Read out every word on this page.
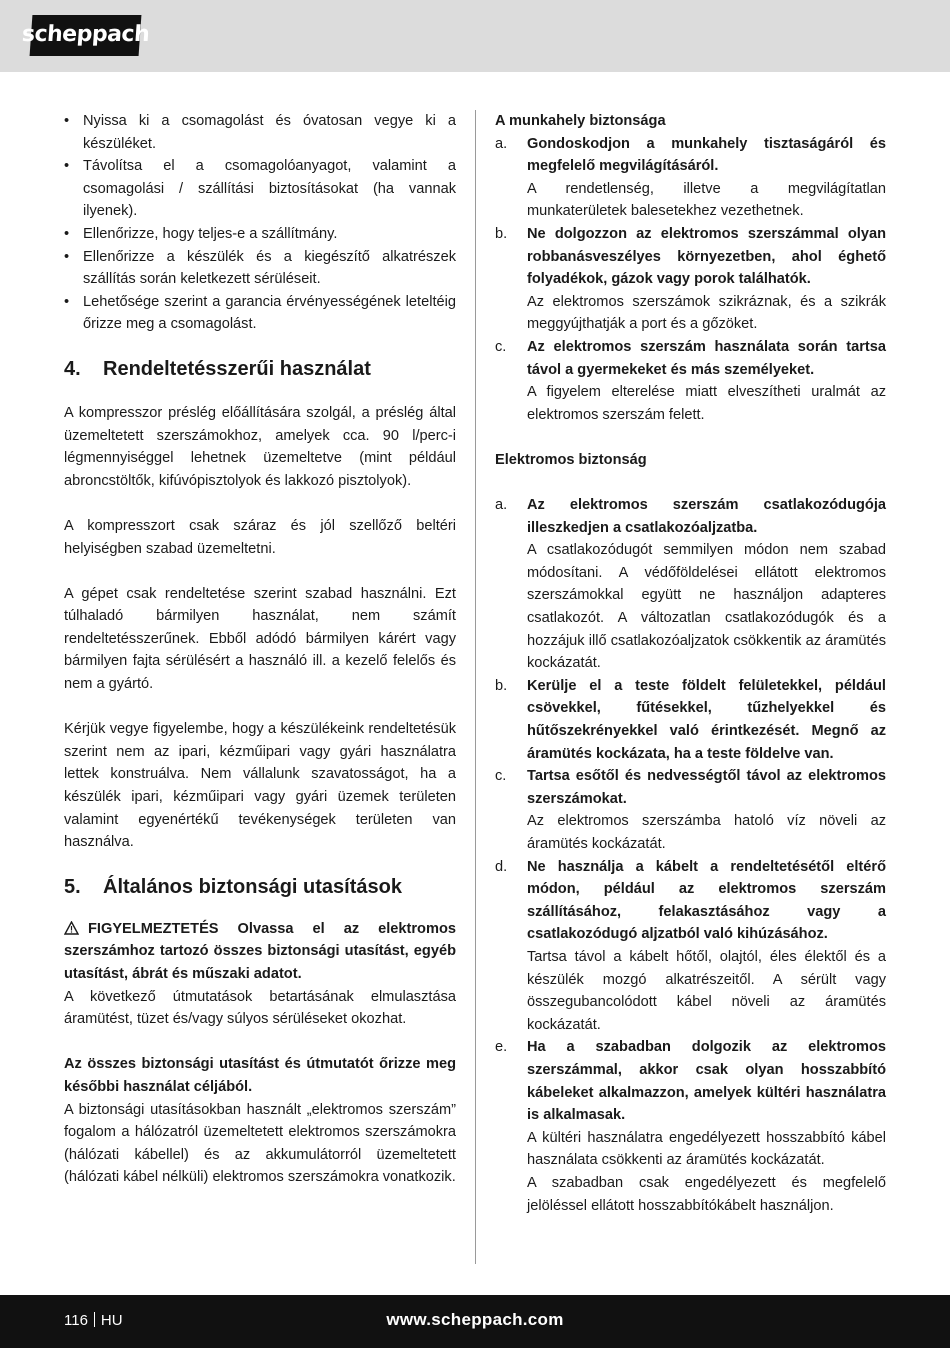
scheppach
• Nyissa ki a csomagolást és óvatosan vegye ki a készüléket.
• Távolítsa el a csomagolóanyagot, valamint a csomagolási / szállítási biztosításokat (ha vannak ilyenek).
• Ellenőrizze, hogy teljes-e a szállítmány.
• Ellenőrizze a készülék és a kiegészítő alkatrészek szállítás során keletkezett sérüléseit.
• Lehetősége szerint a garancia érvényességének leteltéig őrizze meg a csomagolást.
4.	Rendeltetésszerűi használat

A kompresszor préslég előállítására szolgál, a préslég által üzemeltetett szerszámokhoz, amelyek cca. 90 l/perc-i légmennyiséggel lehetnek üzemeltetve (mint például abroncstöltők, kifúvópisztolyok és lakkozó pisztolyok).

A kompresszort csak száraz és jól szellőző beltéri helyiségben szabad üzemeltetni.

A gépet csak rendeltetése szerint szabad használni. Ezt túlhaladó bármilyen használat, nem számít rendeltetésszerűnek. Ebből adódó bármilyen kárért vagy bármilyen fajta sérülésért a használó ill. a kezelő felelős és nem a gyártó.

Kérjük vegye figyelembe, hogy a készülékeink rendeltetésük szerint nem az ipari, kézműipari vagy gyári használatra lettek konstruálva. Nem vállalunk szavatosságot, ha a készülék ipari, kézműipari vagy gyári üzemek területen valamint egyenértékű tevékenységek területen van használva.

5.	Általános biztonsági utasítások

FIGYELMEZTETÉS Olvassa el az elektromos szerszámhoz tartozó összes biztonsági utasítást, egyéb utasítást, ábrát és műszaki adatot.

A következő útmutatások betartásának elmulasztása áramütést, tüzet és/vagy súlyos sérüléseket okozhat.

Az összes biztonsági utasítást és útmutatót őrizze meg későbbi használat céljából.

A biztonsági utasításokban használt „elektromos szerszám” fogalom a hálózatról üzemeltetett elektromos szerszámokra (hálózati kábellel) és az akkumulátorról üzemeltetett (hálózati kábel nélküli) elektromos szerszámokra vonatkozik.

A munkahely biztonsága
a. Gondoskodjon a munkahely tisztaságáról és megfelelő megvilágításáról.
A rendetlenség, illetve a megvilágítatlan munkaterületek balesetekhez vezethetnek.
b. Ne dolgozzon az elektromos szerszámmal olyan robbanásveszélyes környezetben, ahol éghető folyadékok, gázok vagy porok találhatók.
Az elektromos szerszámok szikráznak, és a szikrák meggyújthatják a port és a gőzöket.
c. Az elektromos szerszám használata során tartsa távol a gyermekeket és más személyeket.
A figyelem elterelése miatt elveszítheti uralmát az elektromos szerszám felett.
Elektromos biztonság
a. Az elektromos szerszám csatlakozódugója illeszkedjen a csatlakozóaljzatba.
A csatlakozódugót semmilyen módon nem szabad módosítani. A védőföldelései ellátott elektromos szerszámokkal együtt ne használjon adapteres csatlakozót. A változatlan csatlakozódugók és a hozzájuk illő csatlakozóaljzatok csökkentik az áramütés kockázatát.
b. Kerülje el a teste földelt felületekkel, például csövekkel, fűtésekkel, tűzhelyekkel és hűtőszekrényekkel való érintkezését. Megnő az áramütés kockázata, ha a teste földelve van.
c. Tartsa esőtől és nedvességtől távol az elektromos szerszámokat.
Az elektromos szerszámba hatoló víz növeli az áramütés kockázatát.
d. Ne használja a kábelt a rendeltetésétől eltérő módon, például az elektromos szerszám szállításához, felakasztásához vagy a csatlakozódugó aljzatból való kihúzásához.
Tartsa távol a kábelt hőtől, olajtól, éles élektől és a készülék mozgó alkatrészeitől. A sérült vagy összegubancolódott kábel növeli az áramütés kockázatát.
e. Ha a szabadban dolgozik az elektromos szerszámmal, akkor csak olyan hosszabbító kábeleket alkalmazzon, amelyek kültéri használatra is alkalmasak.
A kültéri használatra engedélyezett hosszabbító kábel használata csökkenti az áramütés kockázatát.
A szabadban csak engedélyezett és megfelelő jelöléssel ellátott hosszabbítókábelt használjon.
116 HU	www.scheppach.com
